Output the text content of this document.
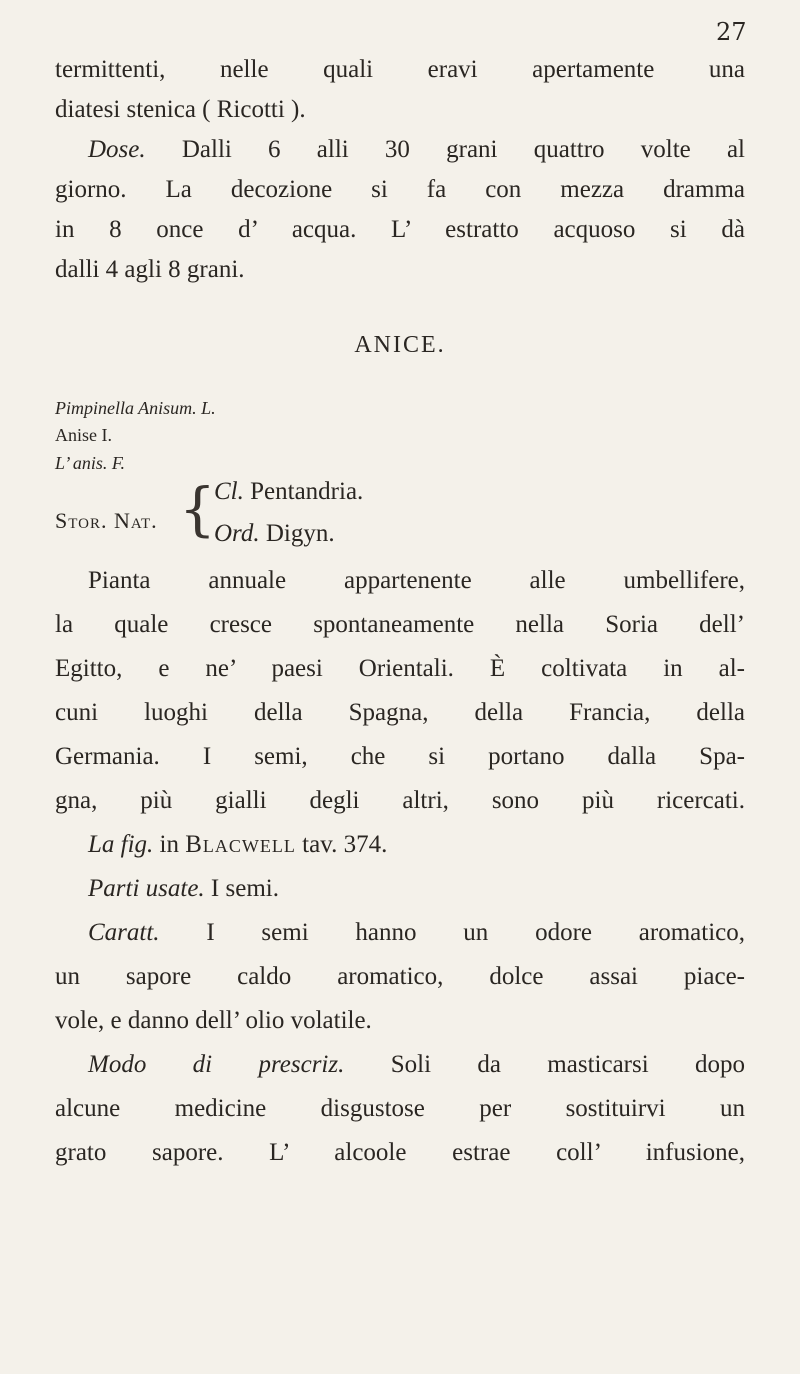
27
termittenti, nelle quali eravi apertamente una
diatesi stenica ( Ricotti ).
Dose. Dalli 6 alli 30 grani quattro volte al
giorno. La decozione si fa con mezza dramma
in 8 once d’ acqua. L’ estratto acquoso si dà
dalli 4 agli 8 grani.
ANICE.
Pimpinella Anisum. L.
Anise I.
L’ anis. F.
Stor. Nat. {
Cl. Pentandria.
Ord. Digyn.
Pianta annuale appartenente alle umbellifere,
la quale cresce spontaneamente nella Soria dell’
Egitto, e ne’ paesi Orientali. È coltivata in al-
cuni luoghi della Spagna, della Francia, della
Germania. I semi, che si portano dalla Spa-
gna, più gialli degli altri, sono più ricercati.
La fig. in Blacwell tav. 374.
Parti usate. I semi.
Caratt. I semi hanno un odore aromatico,
un sapore caldo aromatico, dolce assai piace-
vole, e danno dell’ olio volatile.
Modo di prescriz. Soli da masticarsi dopo
alcune medicine disgustose per sostituirvi un
grato sapore. L’ alcoole estrae coll’ infusione,
